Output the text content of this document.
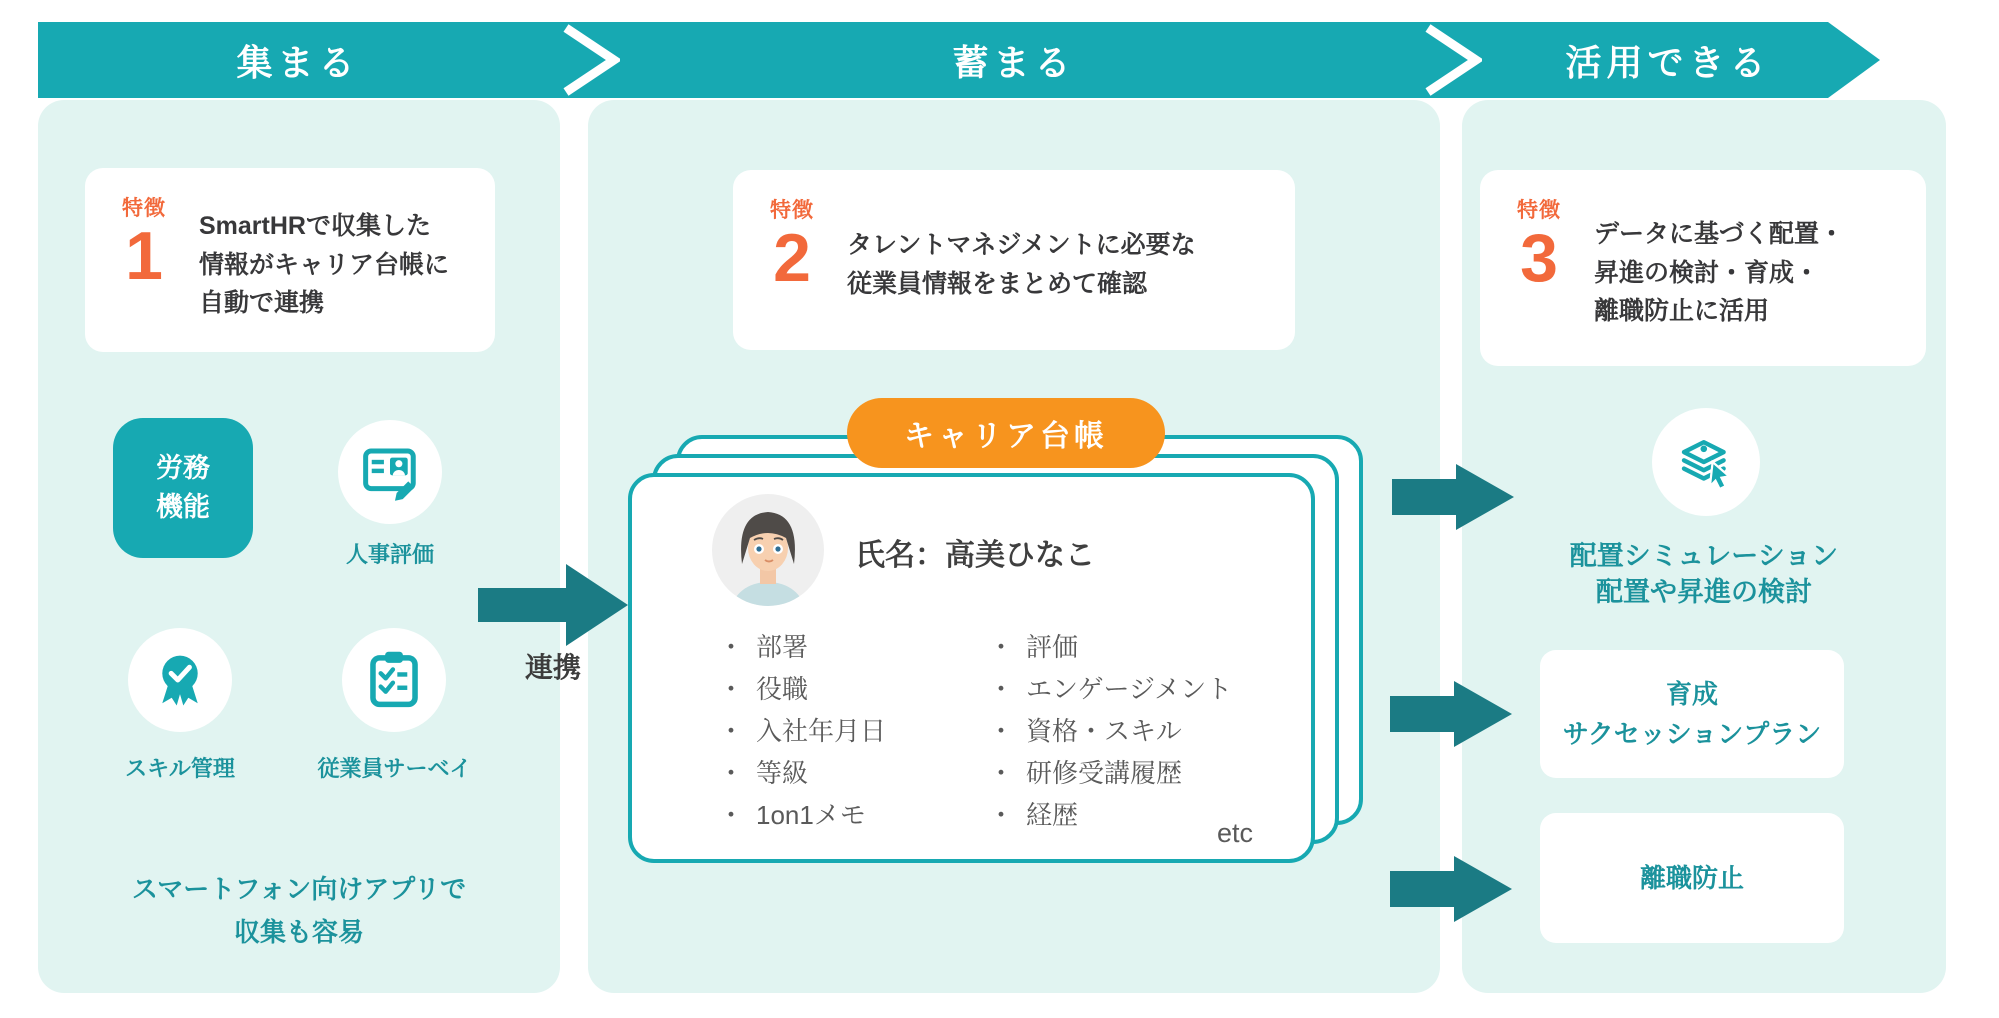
集まる	蓄まる	活用できる
特徴
1	SmartHRで収集した
情報がキャリア台帳に
自動で連携
特徴
2	タレントマネジメントに必要な
従業員情報をまとめて確認
特徴
3	データに基づく配置・
昇進の検討・育成・
離職防止に活用
労務
機能
人事評価
スキル管理	従業員サーベイ
スマートフォン向けアプリで
収集も容易
連携
キャリア台帳
氏名：高美ひなこ
・ 部署
・ 役職
・ 入社年月日
・ 等級
・ 1on1メモ
・ 評価
・ エンゲージメント
・ 資格・スキル
・ 研修受講履歴
・ 経歴
etc
配置シミュレーション
配置や昇進の検討
育成
サクセッションプラン
離職防止
